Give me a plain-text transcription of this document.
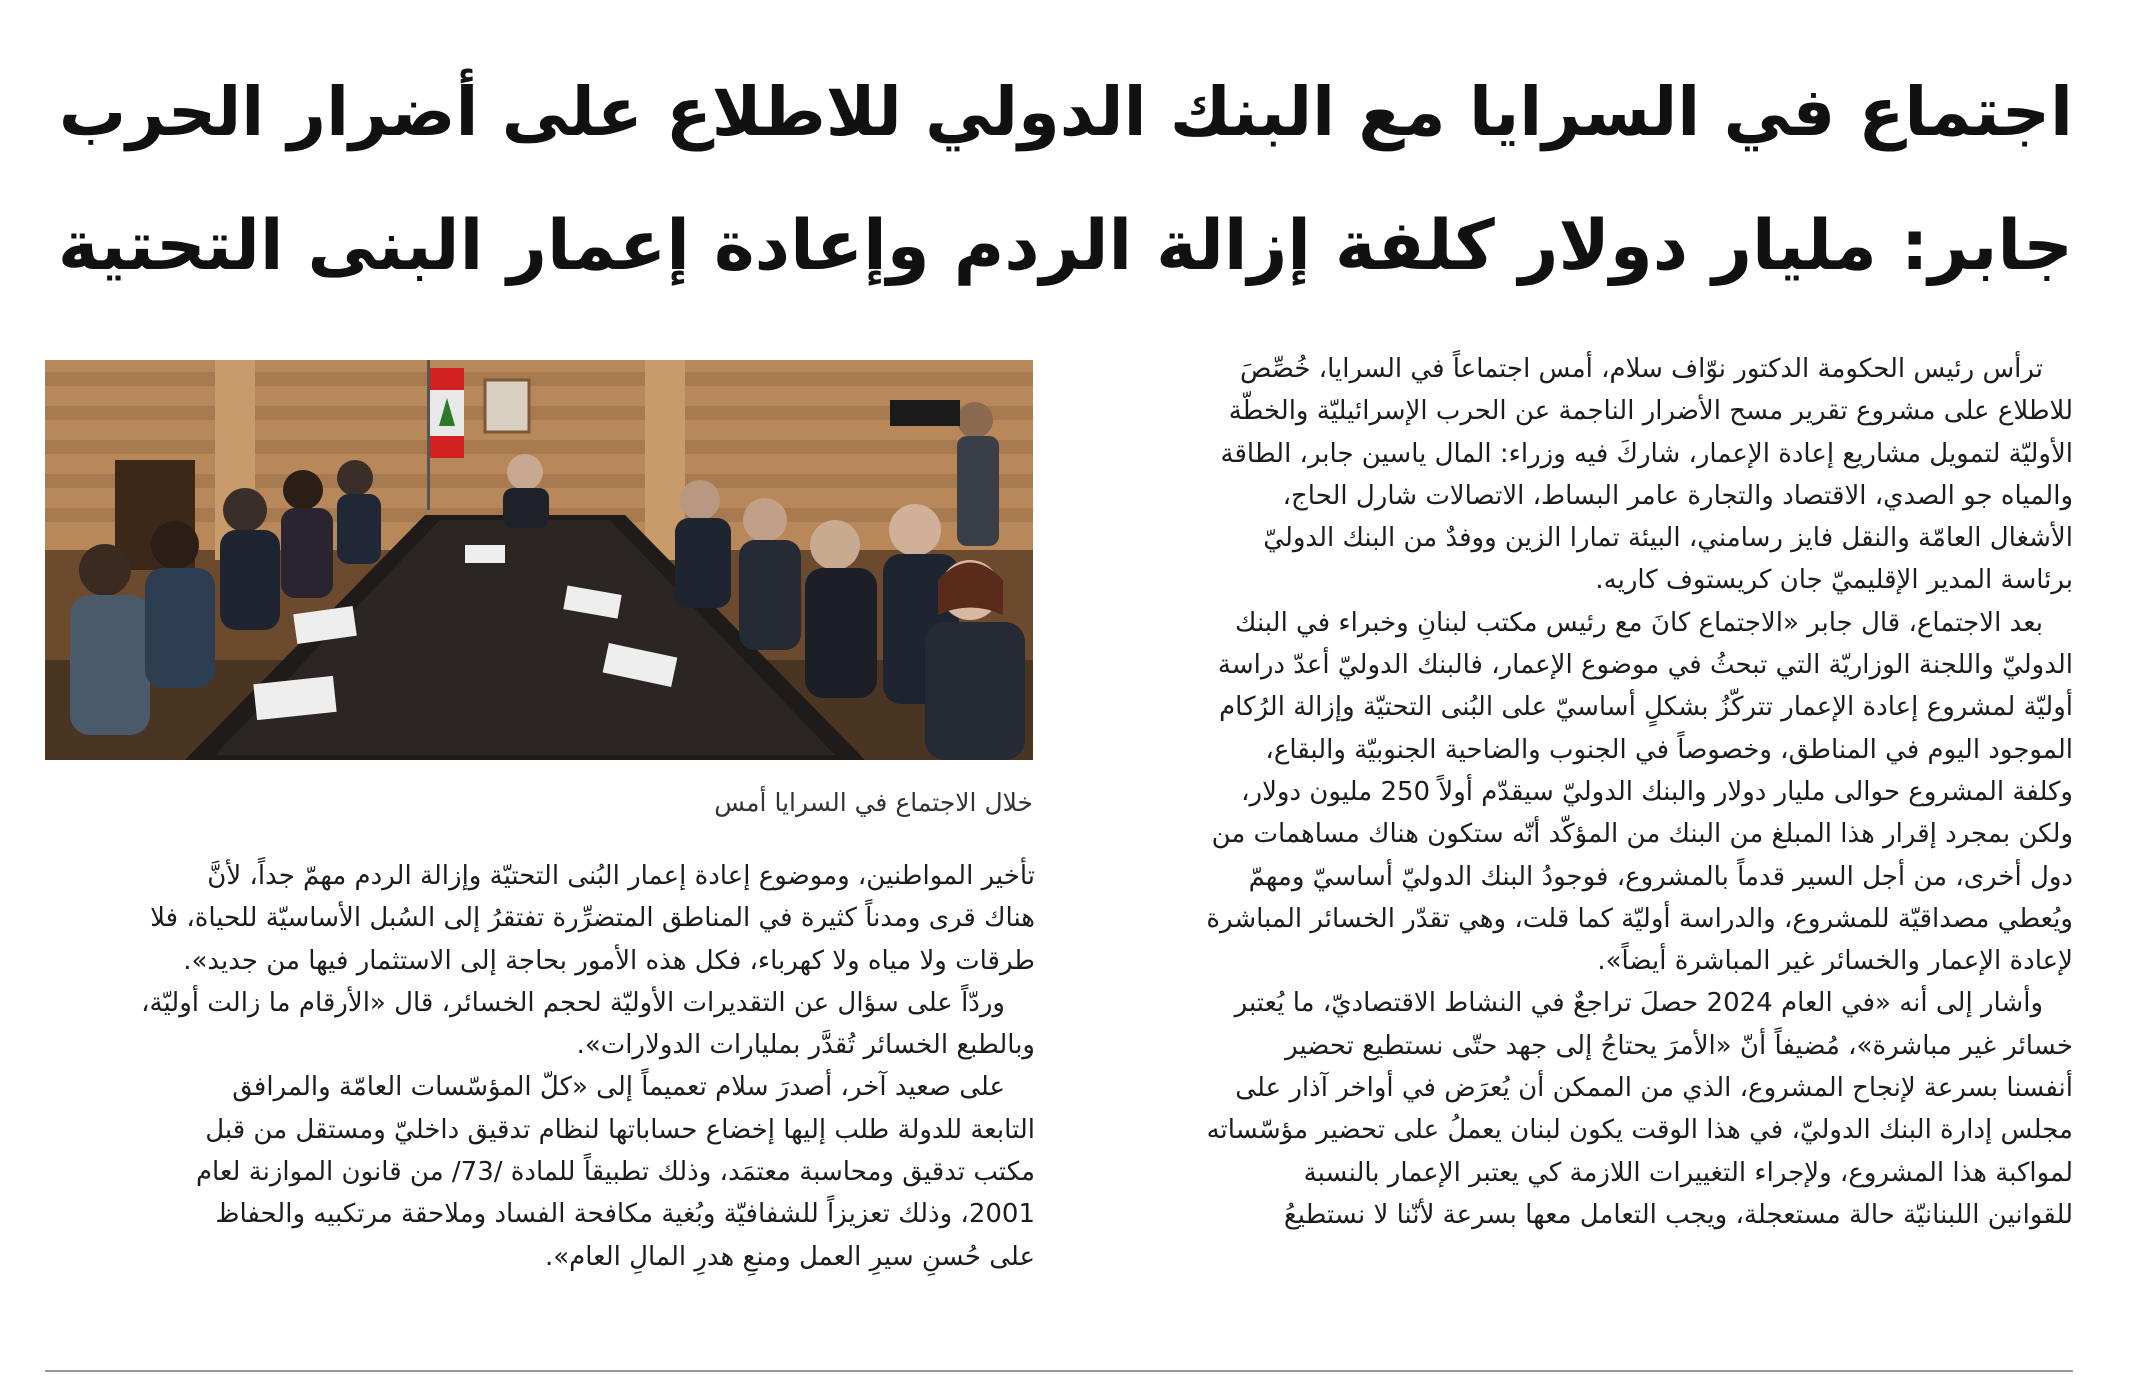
اجتماع في السرايا مع البنك الدولي للاطلاع على أضرار الحرب
جابر: مليار دولار كلفة إزالة الردم وإعادة إعمار البنى التحتية
خلال الاجتماع في السرايا أمس

ترأس رئيس الحكومة الدكتور نوّاف سلام، أمس اجتماعاً في السرايا، خُصِّصَ

للاطلاع على مشروع تقرير مسح الأضرار الناجمة عن الحرب الإسرائيليّة والخطّة

الأوليّة لتمويل مشاريع إعادة الإعمار، شاركَ فيه وزراء: المال ياسين جابر، الطاقة

والمياه جو الصدي، الاقتصاد والتجارة عامر البساط، الاتصالات شارل الحاج،

الأشغال العامّة والنقل فايز رسامني، البيئة تمارا الزين ووفدٌ من البنك الدوليّ

برئاسة المدير الإقليميّ جان كريستوف كاريه.

بعد الاجتماع، قال جابر «الاجتماع كانَ مع رئيس مكتب لبنانِ وخبراء في البنك

الدوليّ واللجنة الوزاريّة التي تبحثُ في موضوع الإعمار، فالبنك الدوليّ أعدّ دراسة

أوليّة لمشروع إعادة الإعمار تتركّزُ بشكلٍ أساسيّ على البُنى التحتيّة وإزالة الرُكام

الموجود اليوم في المناطق، وخصوصاً في الجنوب والضاحية الجنوبيّة والبقاع،

وكلفة المشروع حوالى مليار دولار والبنك الدوليّ سيقدّم أولاً 250 مليون دولار،

ولكن بمجرد إقرار هذا المبلغ من البنك من المؤكّد أنّه ستكون هناك مساهمات من

دول أخرى، من أجل السير قدماً بالمشروع، فوجودُ البنك الدوليّ أساسيّ ومهمّ

ويُعطي مصداقيّة للمشروع، والدراسة أوليّة كما قلت، وهي تقدّر الخسائر المباشرة

لإعادة الإعمار والخسائر غير المباشرة أيضاً».

وأشار إلى أنه «في العام 2024 حصلَ تراجعٌ في النشاط الاقتصاديّ، ما يُعتبر

خسائر غير مباشرة»، مُضيفاً أنّ «الأمرَ يحتاجُ إلى جهد حتّى نستطيع تحضير

أنفسنا بسرعة لإنجاح المشروع، الذي من الممكن أن يُعرَض في أواخر آذار على

مجلس إدارة البنك الدوليّ، في هذا الوقت يكون لبنان يعملُ على تحضير مؤسّساته

لمواكبة هذا المشروع، ولإجراء التغييرات اللازمة كي يعتبر الإعمار بالنسبة

للقوانين اللبنانيّة حالة مستعجلة، ويجب التعامل معها بسرعة لأنّنا لا نستطيعُ

تأخير المواطنين، وموضوع إعادة إعمار البُنى التحتيّة وإزالة الردم مهمّ جداً، لأنَّ

هناك قرى ومدناً كثيرة في المناطق المتضرِّرة تفتقرُ إلى السُبل الأساسيّة للحياة، فلا

طرقات ولا مياه ولا كهرباء، فكل هذه الأمور بحاجة إلى الاستثمار فيها من جديد».

وردّاً على سؤال عن التقديرات الأوليّة لحجم الخسائر، قال «الأرقام ما زالت أوليّة،

وبالطبع الخسائر تُقدَّر بمليارات الدولارات».

على صعيد آخر، أصدرَ سلام تعميماً إلى «كلّ المؤسّسات العامّة والمرافق

التابعة للدولة طلب إليها إخضاع حساباتها لنظام تدقيق داخليّ ومستقل من قبل

مكتب تدقيق ومحاسبة معتمَد، وذلك تطبيقاً للمادة /73/ من قانون الموازنة لعام

2001، وذلك تعزيزاً للشفافيّة وبُغية مكافحة الفساد وملاحقة مرتكبيه والحفاظ

على حُسنِ سيرِ العمل ومنعِ هدرِ المالِ العام».
